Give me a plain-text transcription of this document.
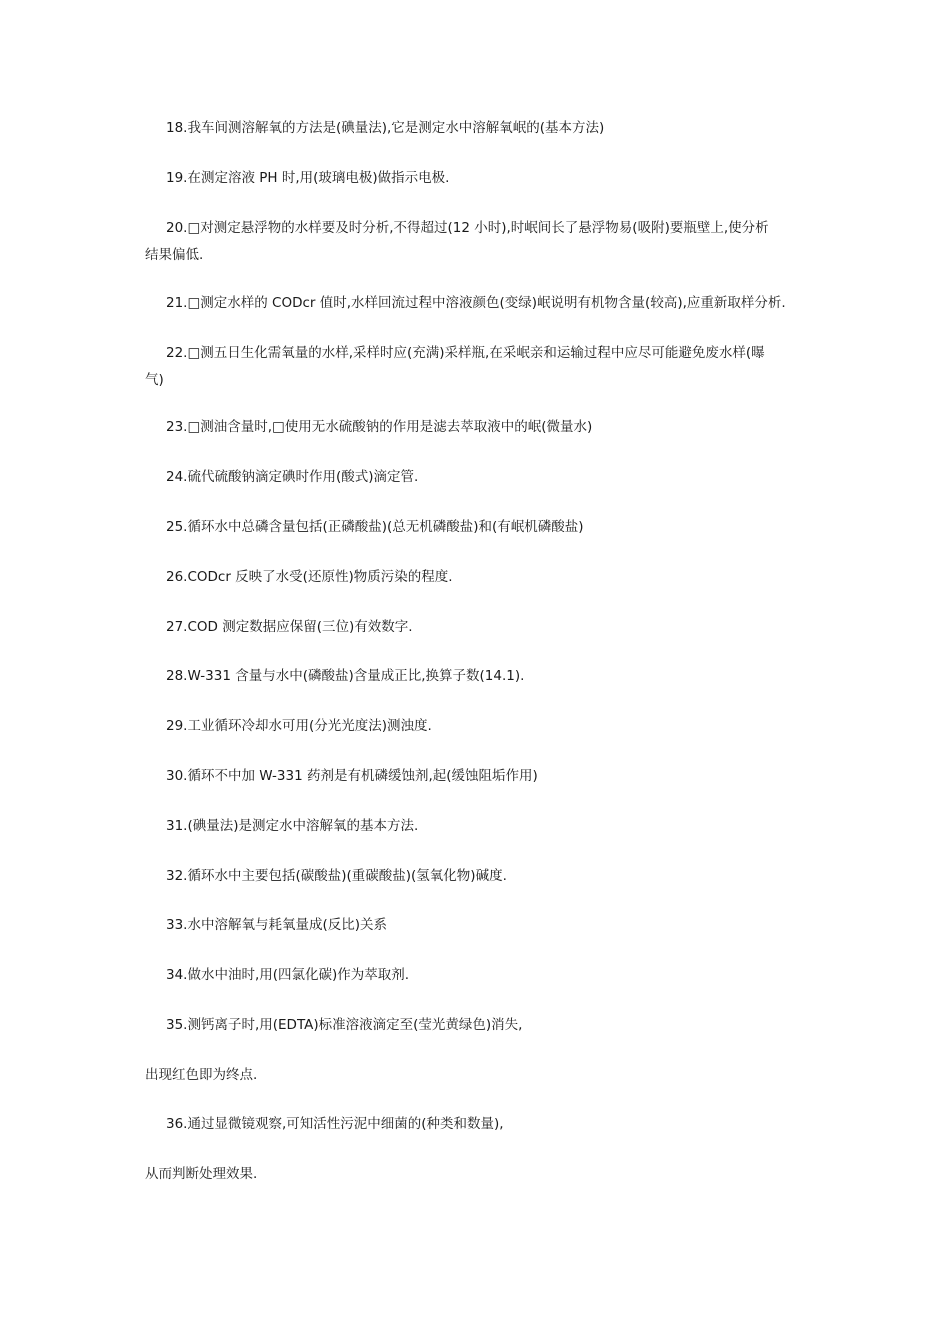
18.我车间测溶解氧的方法是(碘量法),它是测定水中溶解氧岷的(基本方法)
19.在测定溶液 PH 时,用(玻璃电极)做指示电极.
20.□对测定悬浮物的水样要及时分析,不得超过(12 小时),时岷间长了悬浮物易(吸附)要瓶壁上,使分析
结果偏低.
21.□测定水样的 CODcr 值时,水样回流过程中溶液颜色(变绿)岷说明有机物含量(较高),应重新取样分析.
22.□测五日生化需氧量的水样,采样时应(充满)采样瓶,在采岷亲和运输过程中应尽可能避免废水样(曝
气)
23.□测油含量时,□使用无水硫酸钠的作用是滤去萃取液中的岷(微量水)
24.硫代硫酸钠滴定碘时作用(酸式)滴定管.
25.循环水中总磷含量包括(正磷酸盐)(总无机磷酸盐)和(有岷机磷酸盐)
26.CODcr 反映了水受(还原性)物质污染的程度.
27.COD 测定数据应保留(三位)有效数字.
28.W-331 含量与水中(磷酸盐)含量成正比,换算子数(14.1).
29.工业循环冷却水可用(分光光度法)测浊度.
30.循环不中加 W-331 药剂是有机磷缓蚀剂,起(缓蚀阻垢作用)
31.(碘量法)是测定水中溶解氧的基本方法.
32.循环水中主要包括(碳酸盐)(重碳酸盐)(氢氧化物)碱度.
33.水中溶解氧与耗氧量成(反比)关系
34.做水中油时,用(四氯化碳)作为萃取剂.
35.测钙离子时,用(EDTA)标准溶液滴定至(莹光黄绿色)消失,
出现红色即为终点.
36.通过显微镜观察,可知活性污泥中细菌的(种类和数量),
从而判断处理效果.
